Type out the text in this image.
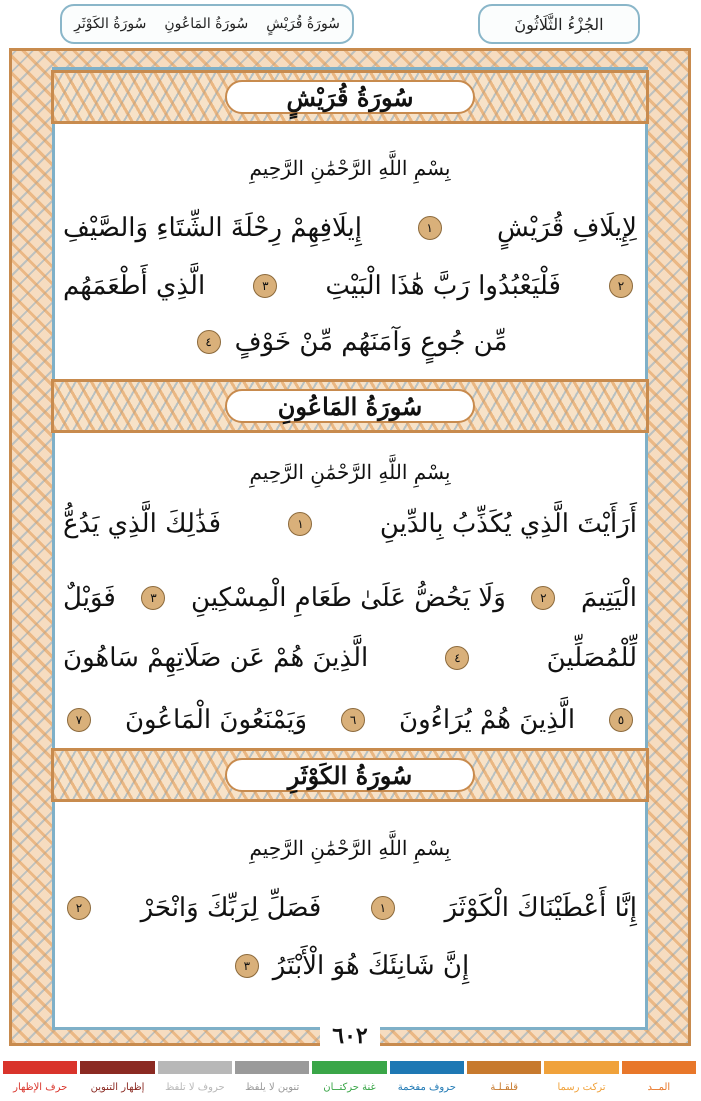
سُورَةُ قُرَيْشٍ
سُورَةُ المَاعُونِ
سُورَةُ الكَوْثَرِ	الجُزْءُ الثَّلَاثُونَ
سُورَةُ قُرَيْشٍ
بِسْمِ اللَّهِ الرَّحْمَٰنِ الرَّحِيمِ
لِإِيلَافِ قُرَيْشٍ
١
إِيلَافِهِمْ رِحْلَةَ الشِّتَاءِ وَالصَّيْفِ
٢
فَلْيَعْبُدُوا رَبَّ هَٰذَا الْبَيْتِ
٣
الَّذِي أَطْعَمَهُم
مِّن جُوعٍ وَآمَنَهُم مِّنْ خَوْفٍ
٤
سُورَةُ المَاعُونِ
بِسْمِ اللَّهِ الرَّحْمَٰنِ الرَّحِيمِ
أَرَأَيْتَ الَّذِي يُكَذِّبُ بِالدِّينِ
١
فَذَٰلِكَ الَّذِي يَدُعُّ
الْيَتِيمَ
٢
وَلَا يَحُضُّ عَلَىٰ طَعَامِ الْمِسْكِينِ
٣
فَوَيْلٌ
لِّلْمُصَلِّينَ
٤
الَّذِينَ هُمْ عَن صَلَاتِهِمْ سَاهُونَ
٥
الَّذِينَ هُمْ يُرَاءُونَ
٦
وَيَمْنَعُونَ الْمَاعُونَ
٧
سُورَةُ الكَوْثَرِ
بِسْمِ اللَّهِ الرَّحْمَٰنِ الرَّحِيمِ
إِنَّا أَعْطَيْنَاكَ الْكَوْثَرَ
١
فَصَلِّ لِرَبِّكَ وَانْحَرْ
٢
إِنَّ شَانِئَكَ هُوَ الْأَبْتَرُ
٣
٦٠٢
المــد
تركت رسما
قلقـلـة
حروف مفخمة
غنة حركتــان
تنوين لا يلفظ
حروف لا تلفظ
إظهار التنوين
حرف الإظهار
